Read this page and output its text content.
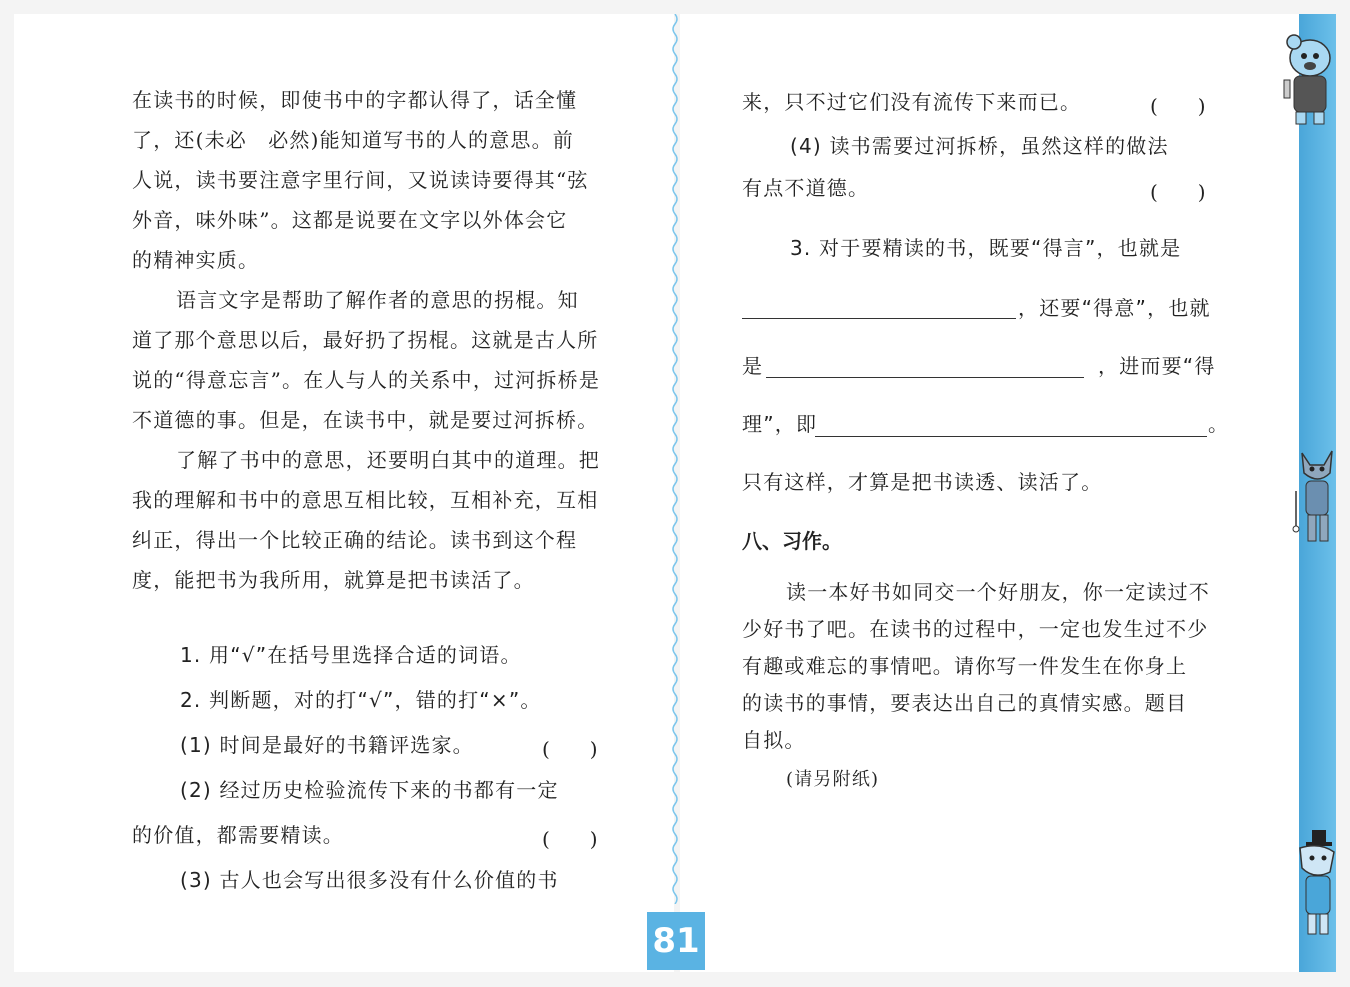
在读书的时候，即使书中的字都认得了，话全懂

了，还(未必　必然)能知道写书的人的意思。前

人说，读书要注意字里行间，又说读诗要得其“弦

外音，味外味”。这都是说要在文字以外体会它

的精神实质。

语言文字是帮助了解作者的意思的拐棍。知

道了那个意思以后，最好扔了拐棍。这就是古人所

说的“得意忘言”。在人与人的关系中，过河拆桥是

不道德的事。但是，在读书中，就是要过河拆桥。

了解了书中的意思，还要明白其中的道理。把

我的理解和书中的意思互相比较，互相补充，互相

纠正，得出一个比较正确的结论。读书到这个程

度，能把书为我所用，就算是把书读活了。

1. 用“√”在括号里选择合适的词语。

2. 判断题，对的打“√”，错的打“×”。

(1) 时间是最好的书籍评选家。	(　　)

(2) 经过历史检验流传下来的书都有一定

的价值，都需要精读。	(　　)

(3) 古人也会写出很多没有什么价值的书

来，只不过它们没有流传下来而已。	(　　)

(4) 读书需要过河拆桥，虽然这样的做法

有点不道德。	(　　)

3. 对于要精读的书，既要“得言”，也就是

，还要“得意”，也就

是	，进而要“得

理”，即	。

只有这样，才算是把书读透、读活了。

八、习作。

读一本好书如同交一个好朋友，你一定读过不

少好书了吧。在读书的过程中，一定也发生过不少

有趣或难忘的事情吧。请你写一件发生在你身上

的读书的事情，要表达出自己的真情实感。题目

自拟。

(请另附纸)

81
